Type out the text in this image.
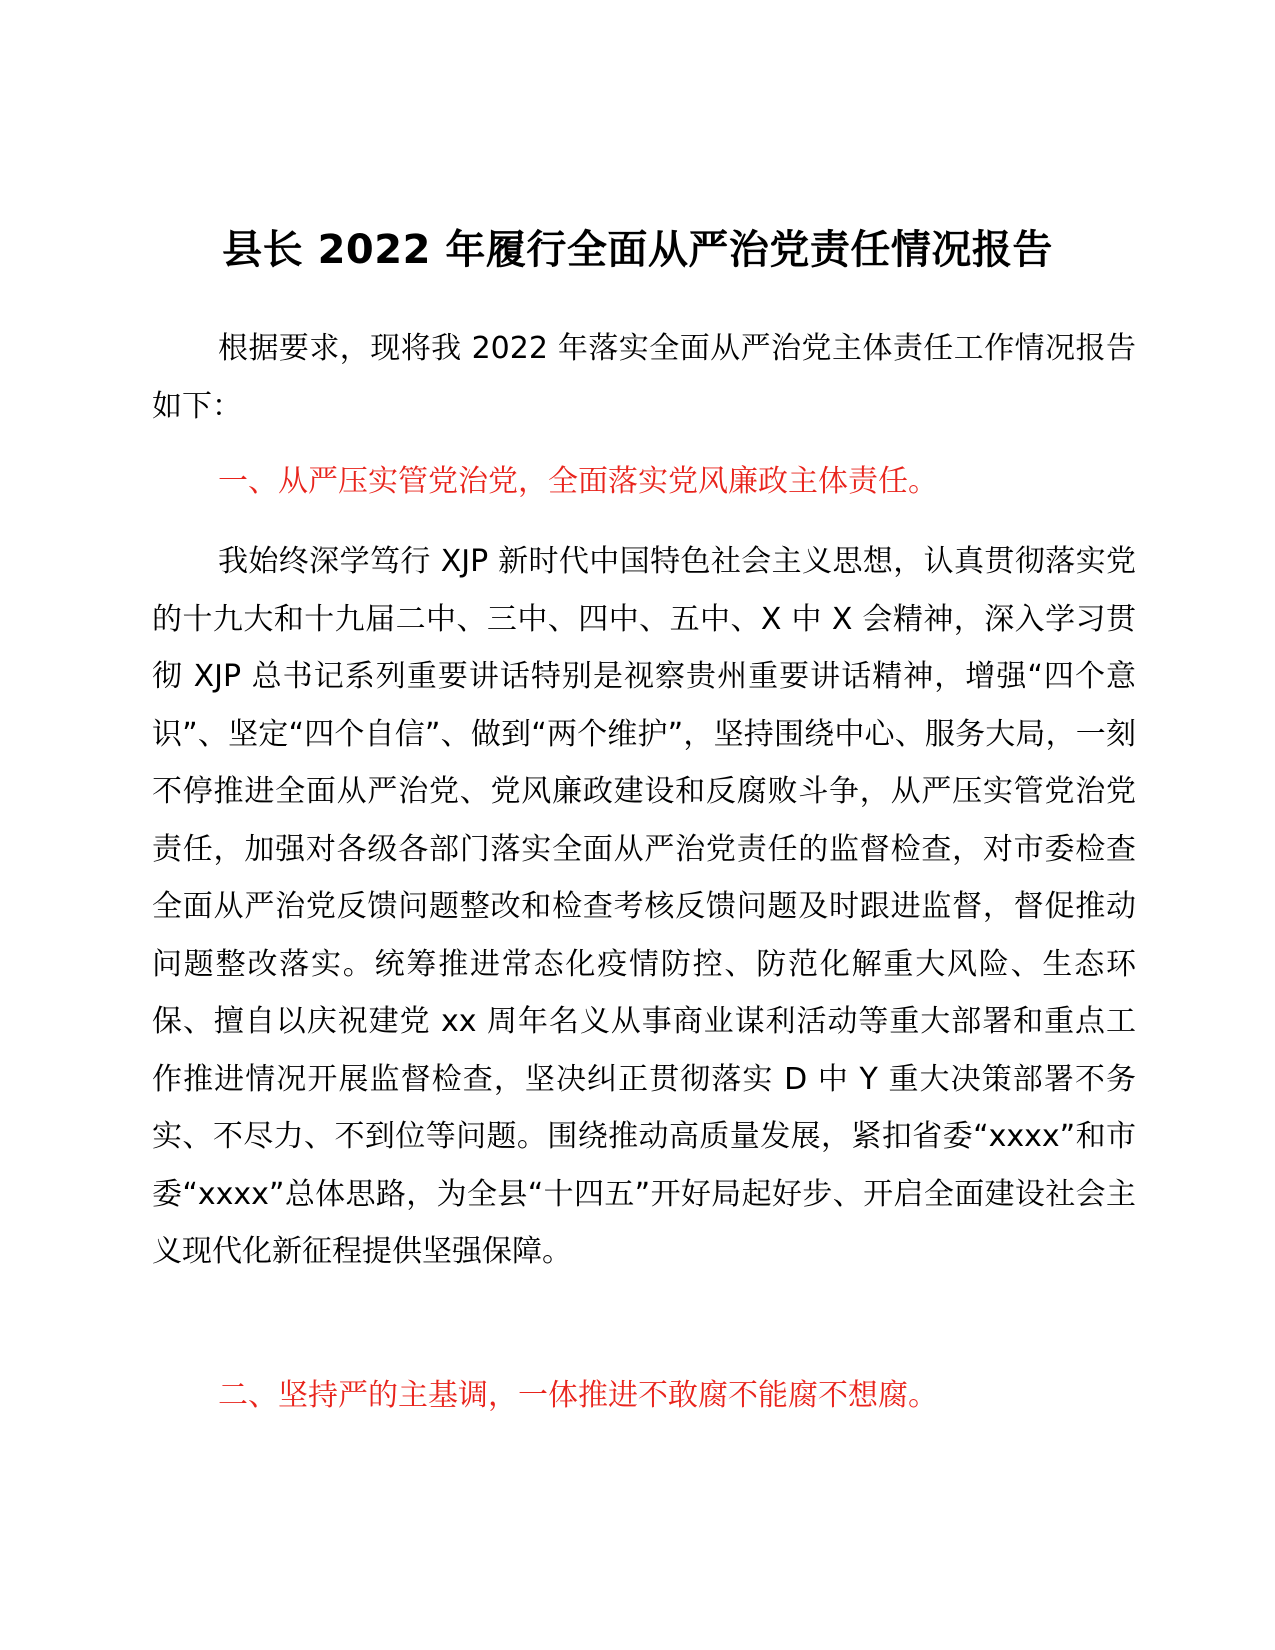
县长 2022 年履行全面从严治党责任情况报告

根据要求，现将我 2022 年落实全面从严治党主体责任工作情况报告如下：

一、从严压实管党治党，全面落实党风廉政主体责任。

我始终深学笃行 XJP 新时代中国特色社会主义思想，认真贯彻落实党的十九大和十九届二中、三中、四中、五中、X 中 X 会精神，深入学习贯彻 XJP 总书记系列重要讲话特别是视察贵州重要讲话精神，增强“四个意识”、坚定“四个自信”、做到“两个维护”，坚持围绕中心、服务大局，一刻不停推进全面从严治党、党风廉政建设和反腐败斗争，从严压实管党治党责任，加强对各级各部门落实全面从严治党责任的监督检查，对市委检查全面从严治党反馈问题整改和检查考核反馈问题及时跟进监督，督促推动问题整改落实。统筹推进常态化疫情防控、防范化解重大风险、生态环保、擅自以庆祝建党 xx 周年名义从事商业谋利活动等重大部署和重点工作推进情况开展监督检查，坚决纠正贯彻落实 D 中 Y 重大决策部署不务实、不尽力、不到位等问题。围绕推动高质量发展，紧扣省委“xxxx”和市委“xxxx”总体思路，为全县“十四五”开好局起好步、开启全面建设社会主义现代化新征程提供坚强保障。

二、坚持严的主基调，一体推进不敢腐不能腐不想腐。
